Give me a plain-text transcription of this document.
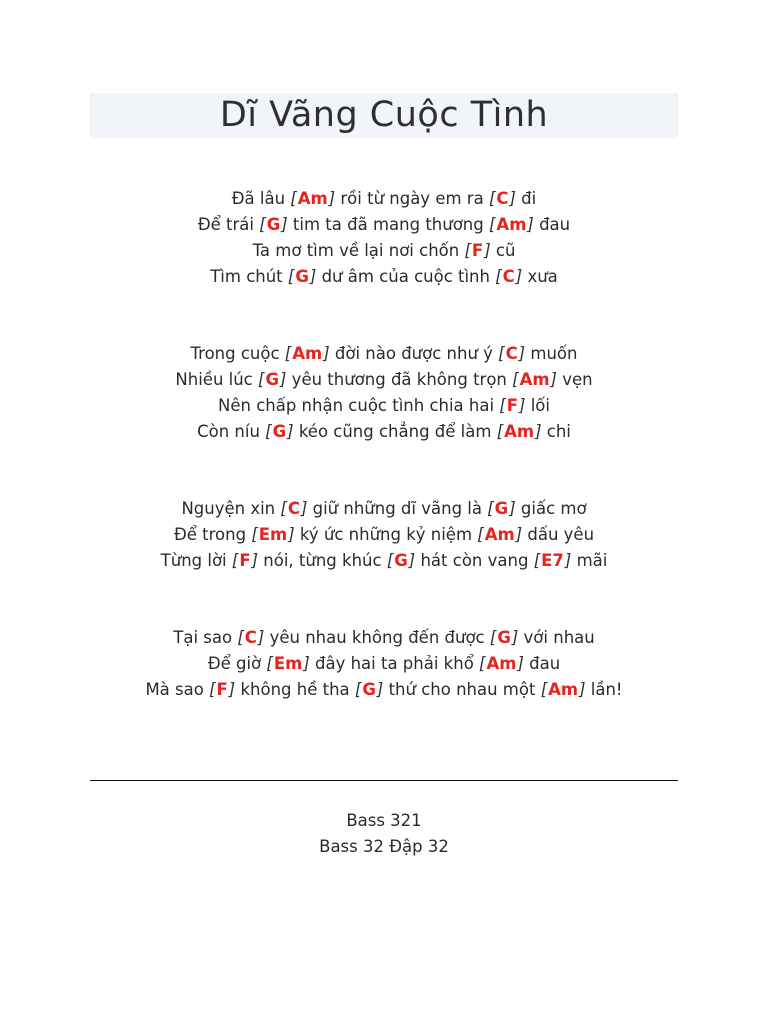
Dĩ Vãng Cuộc Tình
Đã lâu [Am] rồi từ ngày em ra [C] đi
Để trái [G] tim ta đã mang thương [Am] đau
Ta mơ tìm về lại nơi chốn [F] cũ
Tìm chút [G] dư âm của cuộc tình [C] xưa
Trong cuộc [Am] đời nào được như ý [C] muốn
Nhiều lúc [G] yêu thương đã không trọn [Am] vẹn
Nên chấp nhận cuộc tình chia hai [F] lối
Còn níu [G] kéo cũng chẳng để làm [Am] chi
Nguyện xin [C] giữ những dĩ vãng là [G] giấc mơ
Để trong [Em] ký ức những kỷ niệm [Am] dấu yêu
Từng lời [F] nói, từng khúc [G] hát còn vang [E7] mãi
Tại sao [C] yêu nhau không đến được [G] với nhau
Để giờ [Em] đây hai ta phải khổ [Am] đau
Mà sao [F] không hề tha [G] thứ cho nhau một [Am] lần!
Bass 321
Bass 32 Đập 32
